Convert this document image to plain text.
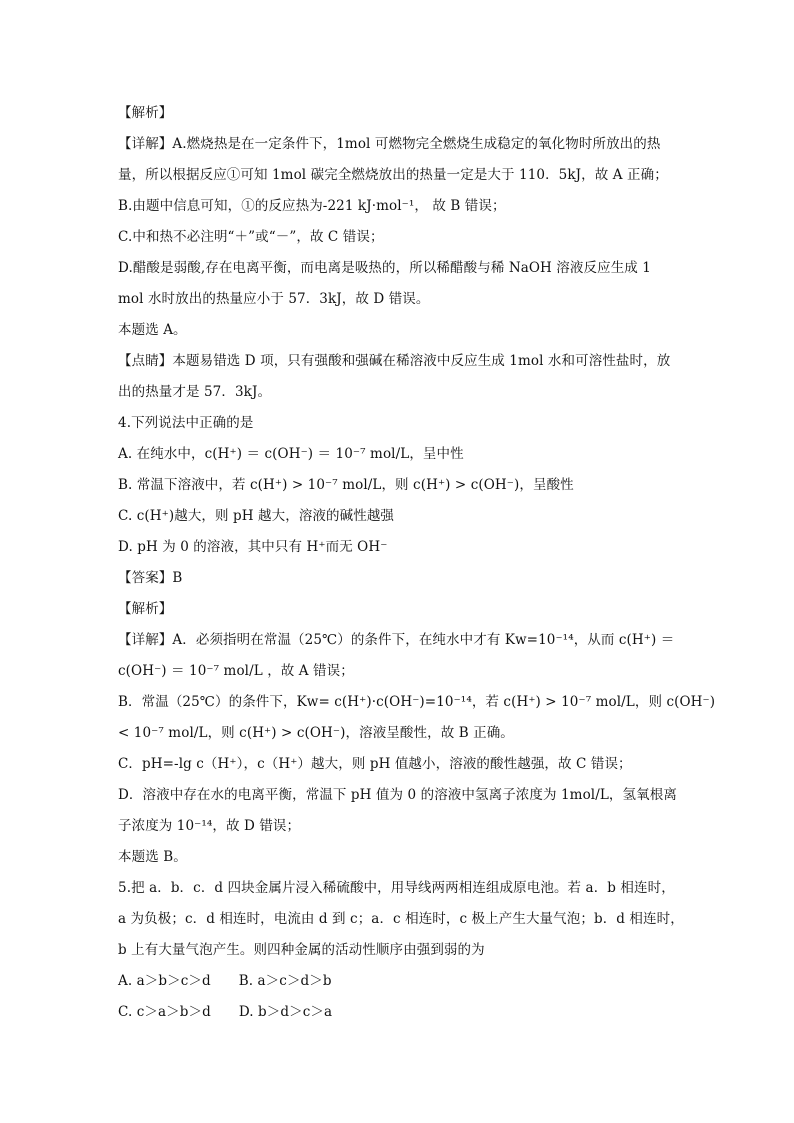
【解析】
【详解】A.燃烧热是在一定条件下，1mol 可燃物完全燃烧生成稳定的氧化物时所放出的热
量，所以根据反应①可知 1mol 碳完全燃烧放出的热量一定是大于 110．5kJ，故 A 正确；
B.由题中信息可知，①的反应热为-221 kJ·mol⁻¹， 故 B 错误；
C.中和热不必注明“＋”或“－”，故 C 错误；
D.醋酸是弱酸,存在电离平衡，而电离是吸热的，所以稀醋酸与稀 NaOH 溶液反应生成 1
mol 水时放出的热量应小于 57．3kJ，故 D 错误。
本题选 A。
【点睛】本题易错选 D 项，只有强酸和强碱在稀溶液中反应生成 1mol 水和可溶性盐时，放
出的热量才是 57．3kJ。
4.下列说法中正确的是
A. 在纯水中，c(H⁺) ＝ c(OH⁻) ＝ 10⁻⁷ mol/L，呈中性
B. 常温下溶液中，若 c(H⁺) > 10⁻⁷ mol/L，则 c(H⁺) > c(OH⁻)，呈酸性
C. c(H⁺)越大，则 pH 越大，溶液的碱性越强
D. pH 为 0 的溶液，其中只有 H⁺而无 OH⁻
【答案】B
【解析】
【详解】A．必须指明在常温（25℃）的条件下，在纯水中才有 Kw=10⁻¹⁴，从而 c(H⁺) ＝
c(OH⁻) ＝ 10⁻⁷ mol/L ，故 A 错误；
B．常温（25℃）的条件下，Kw= c(H⁺)·c(OH⁻)=10⁻¹⁴，若 c(H⁺) > 10⁻⁷ mol/L，则 c(OH⁻)
< 10⁻⁷ mol/L，则 c(H⁺) > c(OH⁻)，溶液呈酸性，故 B 正确。
C．pH=-lg c（H⁺），c（H⁺）越大，则 pH 值越小，溶液的酸性越强，故 C 错误；
D．溶液中存在水的电离平衡，常温下 pH 值为 0 的溶液中氢离子浓度为 1mol/L，氢氧根离
子浓度为 10⁻¹⁴，故 D 错误；
本题选 B。
5.把 a．b．c．d 四块金属片浸入稀硫酸中，用导线两两相连组成原电池。若 a．b 相连时，
a 为负极；c．d 相连时，电流由 d 到 c；a．c 相连时，c 极上产生大量气泡；b．d 相连时，
b 上有大量气泡产生。则四种金属的活动性顺序由强到弱的为
A. a＞b＞c＞d B. a＞c＞d＞b
C. c＞a＞b＞d D. b＞d＞c＞a
